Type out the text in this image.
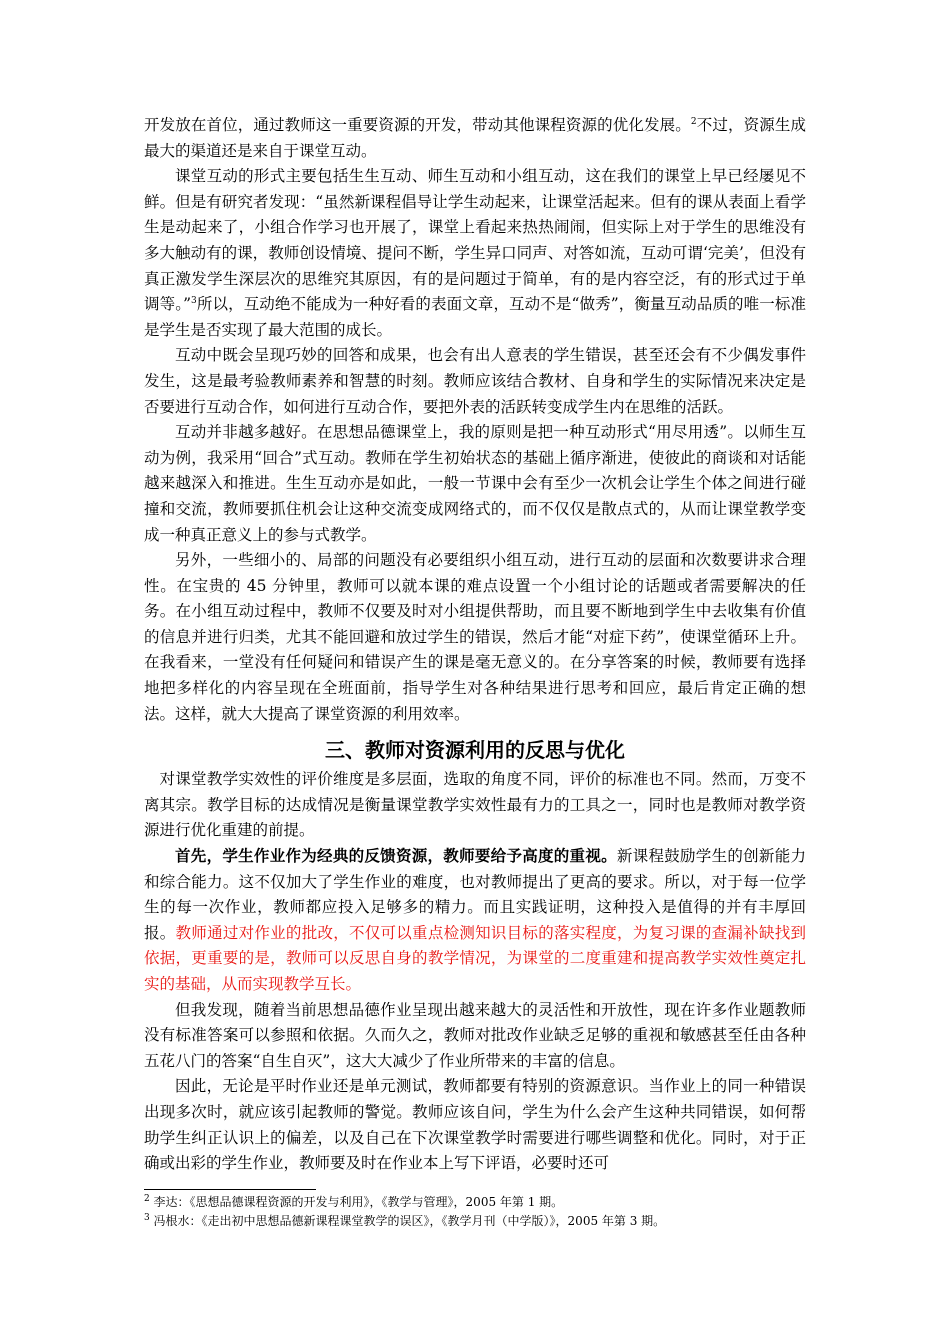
开发放在首位，通过教师这一重要资源的开发，带动其他课程资源的优化发展。$^2$不过，资源生成最大的渠道还是来自于课堂互动。

课堂互动的形式主要包括生生互动、师生互动和小组互动，这在我们的课堂上早已经屡见不鲜。但是有研究者发现：“虽然新课程倡导让学生动起来，让课堂活起来。但有的课从表面上看学生是动起来了，小组合作学习也开展了，课堂上看起来热热闹闹，但实际上对于学生的思维没有多大触动有的课，教师创设情境、提问不断，学生异口同声、对答如流，互动可谓‘完美’，但没有真正激发学生深层次的思维究其原因，有的是问题过于简单，有的是内容空泛，有的形式过于单调等。”$^3$所以，互动绝不能成为一种好看的表面文章，互动不是“做秀”，衡量互动品质的唯一标准是学生是否实现了最大范围的成长。

互动中既会呈现巧妙的回答和成果，也会有出人意表的学生错误，甚至还会有不少偶发事件发生，这是最考验教师素养和智慧的时刻。教师应该结合教材、自身和学生的实际情况来决定是否要进行互动合作，如何进行互动合作，要把外表的活跃转变成学生内在思维的活跃。

互动并非越多越好。在思想品德课堂上，我的原则是把一种互动形式“用尽用透”。以师生互动为例，我采用“回合”式互动。教师在学生初始状态的基础上循序渐进，使彼此的商谈和对话能越来越深入和推进。生生互动亦是如此，一般一节课中会有至少一次机会让学生个体之间进行碰撞和交流，教师要抓住机会让这种交流变成网络式的，而不仅仅是散点式的，从而让课堂教学变成一种真正意义上的参与式教学。

另外，一些细小的、局部的问题没有必要组织小组互动，进行互动的层面和次数要讲求合理性。在宝贵的 45 分钟里，教师可以就本课的难点设置一个小组讨论的话题或者需要解决的任务。在小组互动过程中，教师不仅要及时对小组提供帮助，而且要不断地到学生中去收集有价值的信息并进行归类，尤其不能回避和放过学生的错误，然后才能“对症下药”，使课堂循环上升。在我看来，一堂没有任何疑问和错误产生的课是毫无意义的。在分享答案的时候，教师要有选择地把多样化的内容呈现在全班面前，指导学生对各种结果进行思考和回应，最后肯定正确的想法。这样，就大大提高了课堂资源的利用效率。

三、教师对资源利用的反思与优化

对课堂教学实效性的评价维度是多层面，选取的角度不同，评价的标准也不同。然而，万变不离其宗。教学目标的达成情况是衡量课堂教学实效性最有力的工具之一，同时也是教师对教学资源进行优化重建的前提。

首先，学生作业作为经典的反馈资源，教师要给予高度的重视。新课程鼓励学生的创新能力和综合能力。这不仅加大了学生作业的难度，也对教师提出了更高的要求。所以，对于每一位学生的每一次作业，教师都应投入足够多的精力。而且实践证明，这种投入是值得的并有丰厚回报。教师通过对作业的批改，不仅可以重点检测知识目标的落实程度，为复习课的查漏补缺找到依据，更重要的是，教师可以反思自身的教学情况，为课堂的二度重建和提高教学实效性奠定扎实的基础，从而实现教学互长。

但我发现，随着当前思想品德作业呈现出越来越大的灵活性和开放性，现在许多作业题教师没有标准答案可以参照和依据。久而久之，教师对批改作业缺乏足够的重视和敏感甚至任由各种五花八门的答案“自生自灭”，这大大减少了作业所带来的丰富的信息。

因此，无论是平时作业还是单元测试，教师都要有特别的资源意识。当作业上的同一种错误出现多次时，就应该引起教师的警觉。教师应该自问，学生为什么会产生这种共同错误，如何帮助学生纠正认识上的偏差，以及自己在下次课堂教学时需要进行哪些调整和优化。同时，对于正确或出彩的学生作业，教师要及时在作业本上写下评语，必要时还可

$^2$ 李达：《思想品德课程资源的开发与利用》，《教学与管理》，2005 年第 1 期。
$^3$ 冯根水：《走出初中思想品德新课程课堂教学的误区》，《教学月刊（中学版）》，2005 年第 3 期。
